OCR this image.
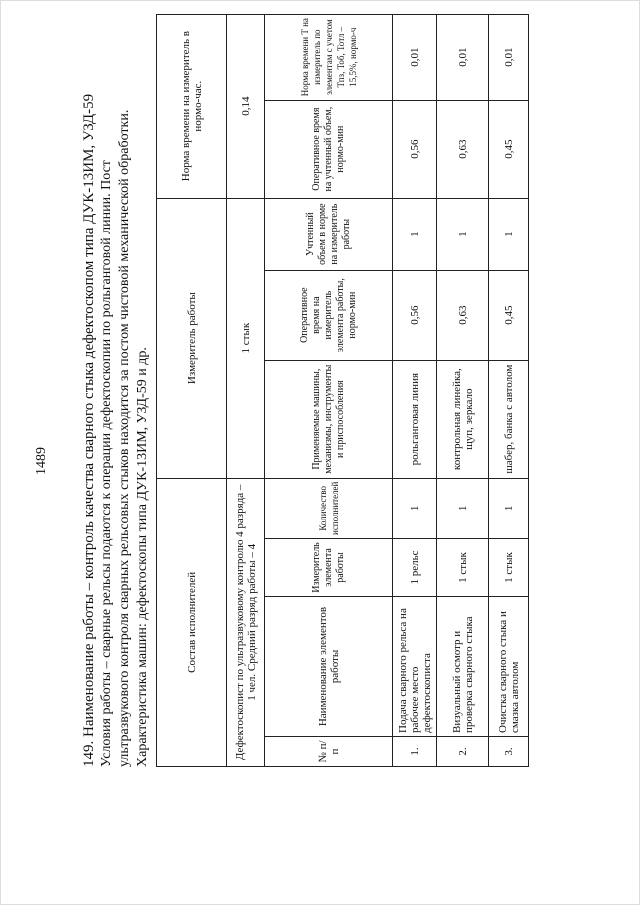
1489 149. Наименование работы – контроль качества сварного стыка дефектоскопом типа ДУК-13ИМ, УЗД-59 Условия работы – сварные рельсы подаются к операции дефектоскопии по рольганговой линии. Пост ультразвукового контроля сварных рельсовых стыков находится за постом чистовой механической обработки. Характеристика машин: дефектоскопы типа ДУК-13ИМ, УЗД-59 и др.	Состав исполнителей				Измеритель работы			Норма времени на измеритель в нормо-час.	
Дефектоскопист по ультразвуковому контролю 4 разряда – 1 чел. Средний разряд работы – 4				1 стык			0,14	
№ п/п	Наименование элементов работы	Измеритель элемента работы	Количество исполнителей	Применяемые машины, механизмы, инструменты и приспособления	Оперативное время на измеритель элемента работы, нормо-мин	Учтенный объем в норме на измеритель работы	Оперативное время на учтенный объем, нормо-мин	Норма времени Т на измеритель по элементам с учетом Тпз, Тоб, Тотл – 15,5%, нормо-ч
1.	Подача сварного рельса на рабочее место дефектоскописта	1 рельс	1	рольганговая линия	0,56	1	0,56	0,01
2.	Визуальный осмотр и проверка сварного стыка	1 стык	1	контрольная линейка, щуп, зеркало	0,63	1	0,63	0,01
3.	Очистка сварного стыка и смазка автолом	1 стык	1	шабер, банка с автолом	0,45	1	0,45	0,01
